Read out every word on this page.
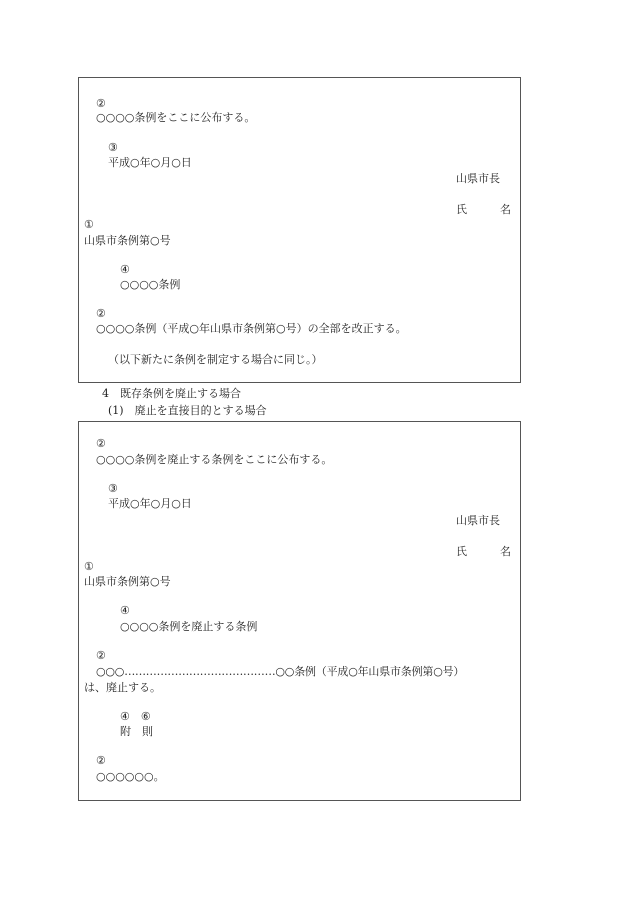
②
○○○○条例をここに公布する。
③
平成○年○月○日
山県市長
氏　　　名
①
山県市条例第○号
④
○○○○条例
②
○○○○条例（平成○年山県市条例第○号）の全部を改正する。
（以下新たに条例を制定する場合に同じ。）
4　既存条例を廃止する場合
(1)　廃止を直接目的とする場合
②
○○○○条例を廃止する条例をここに公布する。
③
平成○年○月○日
山県市長
氏　　　名
①
山県市条例第○号
④
○○○○条例を廃止する条例
②
○○○……………………………………○○条例（平成○年山県市条例第○号）
は、廃止する。
④　⑥
附　則
②
○○○○○○。
